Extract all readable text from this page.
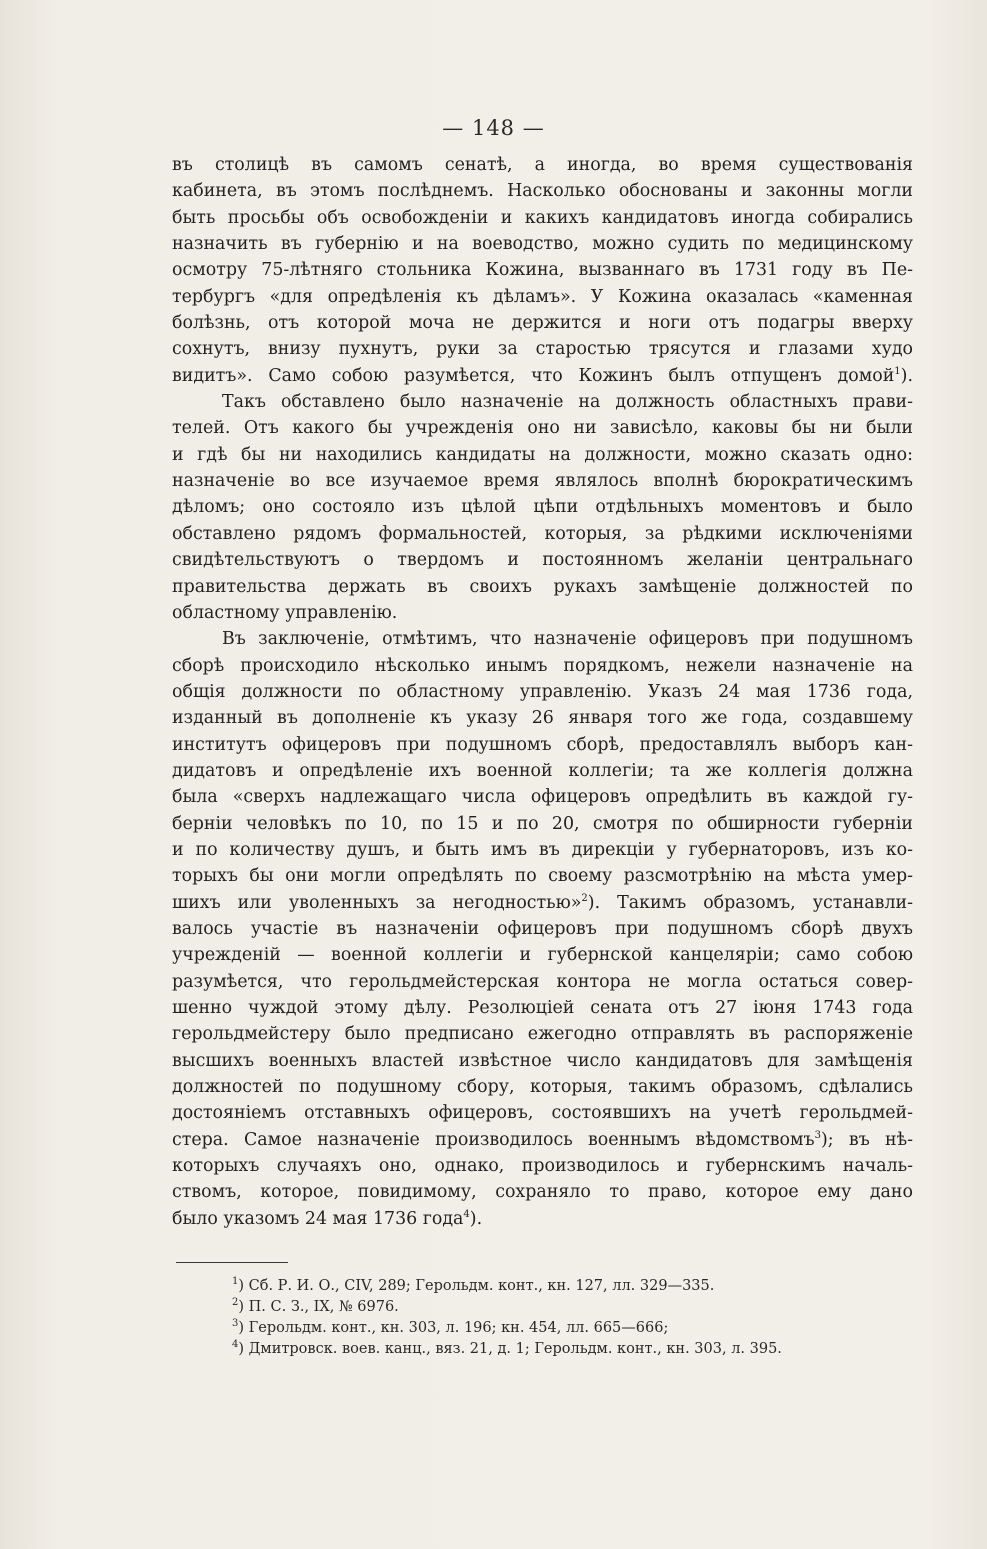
— 148 —
въ столицѣ въ самомъ сенатѣ, а иногда, во время существованія
кабинета, въ этомъ послѣднемъ. Насколько обоснованы и законны могли
быть просьбы объ освобожденіи и какихъ кандидатовъ иногда собирались
назначить въ губернію и на воеводство, можно судить по медицинскому
осмотру 75-лѣтняго стольника Кожина, вызваннаго въ 1731 году въ Пе-
тербургъ «для опредѣленія къ дѣламъ». У Кожина оказалась «каменная
болѣзнь, отъ которой моча не держится и ноги отъ подагры вверху
сохнутъ, внизу пухнутъ, руки за старостью трясутся и глазами худо
видитъ». Само собою разумѣется, что Кожинъ былъ отпущенъ домой$^1$).
Такъ обставлено было назначеніе на должность областныхъ прави-
телей. Отъ какого бы учрежденія оно ни зависѣло, каковы бы ни были
и гдѣ бы ни находились кандидаты на должности, можно сказать одно:
назначеніе во все изучаемое время являлось вполнѣ бюрократическимъ
дѣломъ; оно состояло изъ цѣлой цѣпи отдѣльныхъ моментовъ и было
обставлено рядомъ формальностей, которыя, за рѣдкими исключеніями
свидѣтельствуютъ о твердомъ и постоянномъ желаніи центральнаго
правительства держать въ своихъ рукахъ замѣщеніе должностей по
областному управленію.
Въ заключеніе, отмѣтимъ, что назначеніе офицеровъ при подушномъ
сборѣ происходило нѣсколько инымъ порядкомъ, нежели назначеніе на
общія должности по областному управленію. Указъ 24 мая 1736 года,
изданный въ дополненіе къ указу 26 января того же года, создавшему
институтъ офицеровъ при подушномъ сборѣ, предоставлялъ выборъ кан-
дидатовъ и опредѣленіе ихъ военной коллегіи; та же коллегія должна
была «сверхъ надлежащаго числа офицеровъ опредѣлить въ каждой гу-
берніи человѣкъ по 10, по 15 и по 20, смотря по обширности губерніи
и по количеству душъ, и быть имъ въ дирекціи у губернаторовъ, изъ ко-
торыхъ бы они могли опредѣлять по своему разсмотрѣнію на мѣста умер-
шихъ или уволенныхъ за негодностью»$^2$). Такимъ образомъ, устанавли-
валось участіе въ назначеніи офицеровъ при подушномъ сборѣ двухъ
учрежденій — военной коллегіи и губернской канцеляріи; само собою
разумѣется, что герольдмейстерская контора не могла остаться совер-
шенно чуждой этому дѣлу. Резолюціей сената отъ 27 іюня 1743 года
герольдмейстеру было предписано ежегодно отправлять въ распоряженіе
высшихъ военныхъ властей извѣстное число кандидатовъ для замѣщенія
должностей по подушному сбору, которыя, такимъ образомъ, сдѣлались
достояніемъ отставныхъ офицеровъ, состоявшихъ на учетѣ герольдмей-
стера. Самое назначеніе производилось военнымъ вѣдомствомъ$^3$); въ нѣ-
которыхъ случаяхъ оно, однако, производилось и губернскимъ началь-
ствомъ, которое, повидимому, сохраняло то право, которое ему дано
было указомъ 24 мая 1736 года$^4$).
$^1$) Сб. Р. И. О., CIV, 289; Герольдм. конт., кн. 127, лл. 329—335.
$^2$) П. С. З., IX, № 6976.
$^3$) Герольдм. конт., кн. 303, л. 196; кн. 454, лл. 665—666;
$^4$) Дмитровск. воев. канц., вяз. 21, д. 1; Герольдм. конт., кн. 303, л. 395.
